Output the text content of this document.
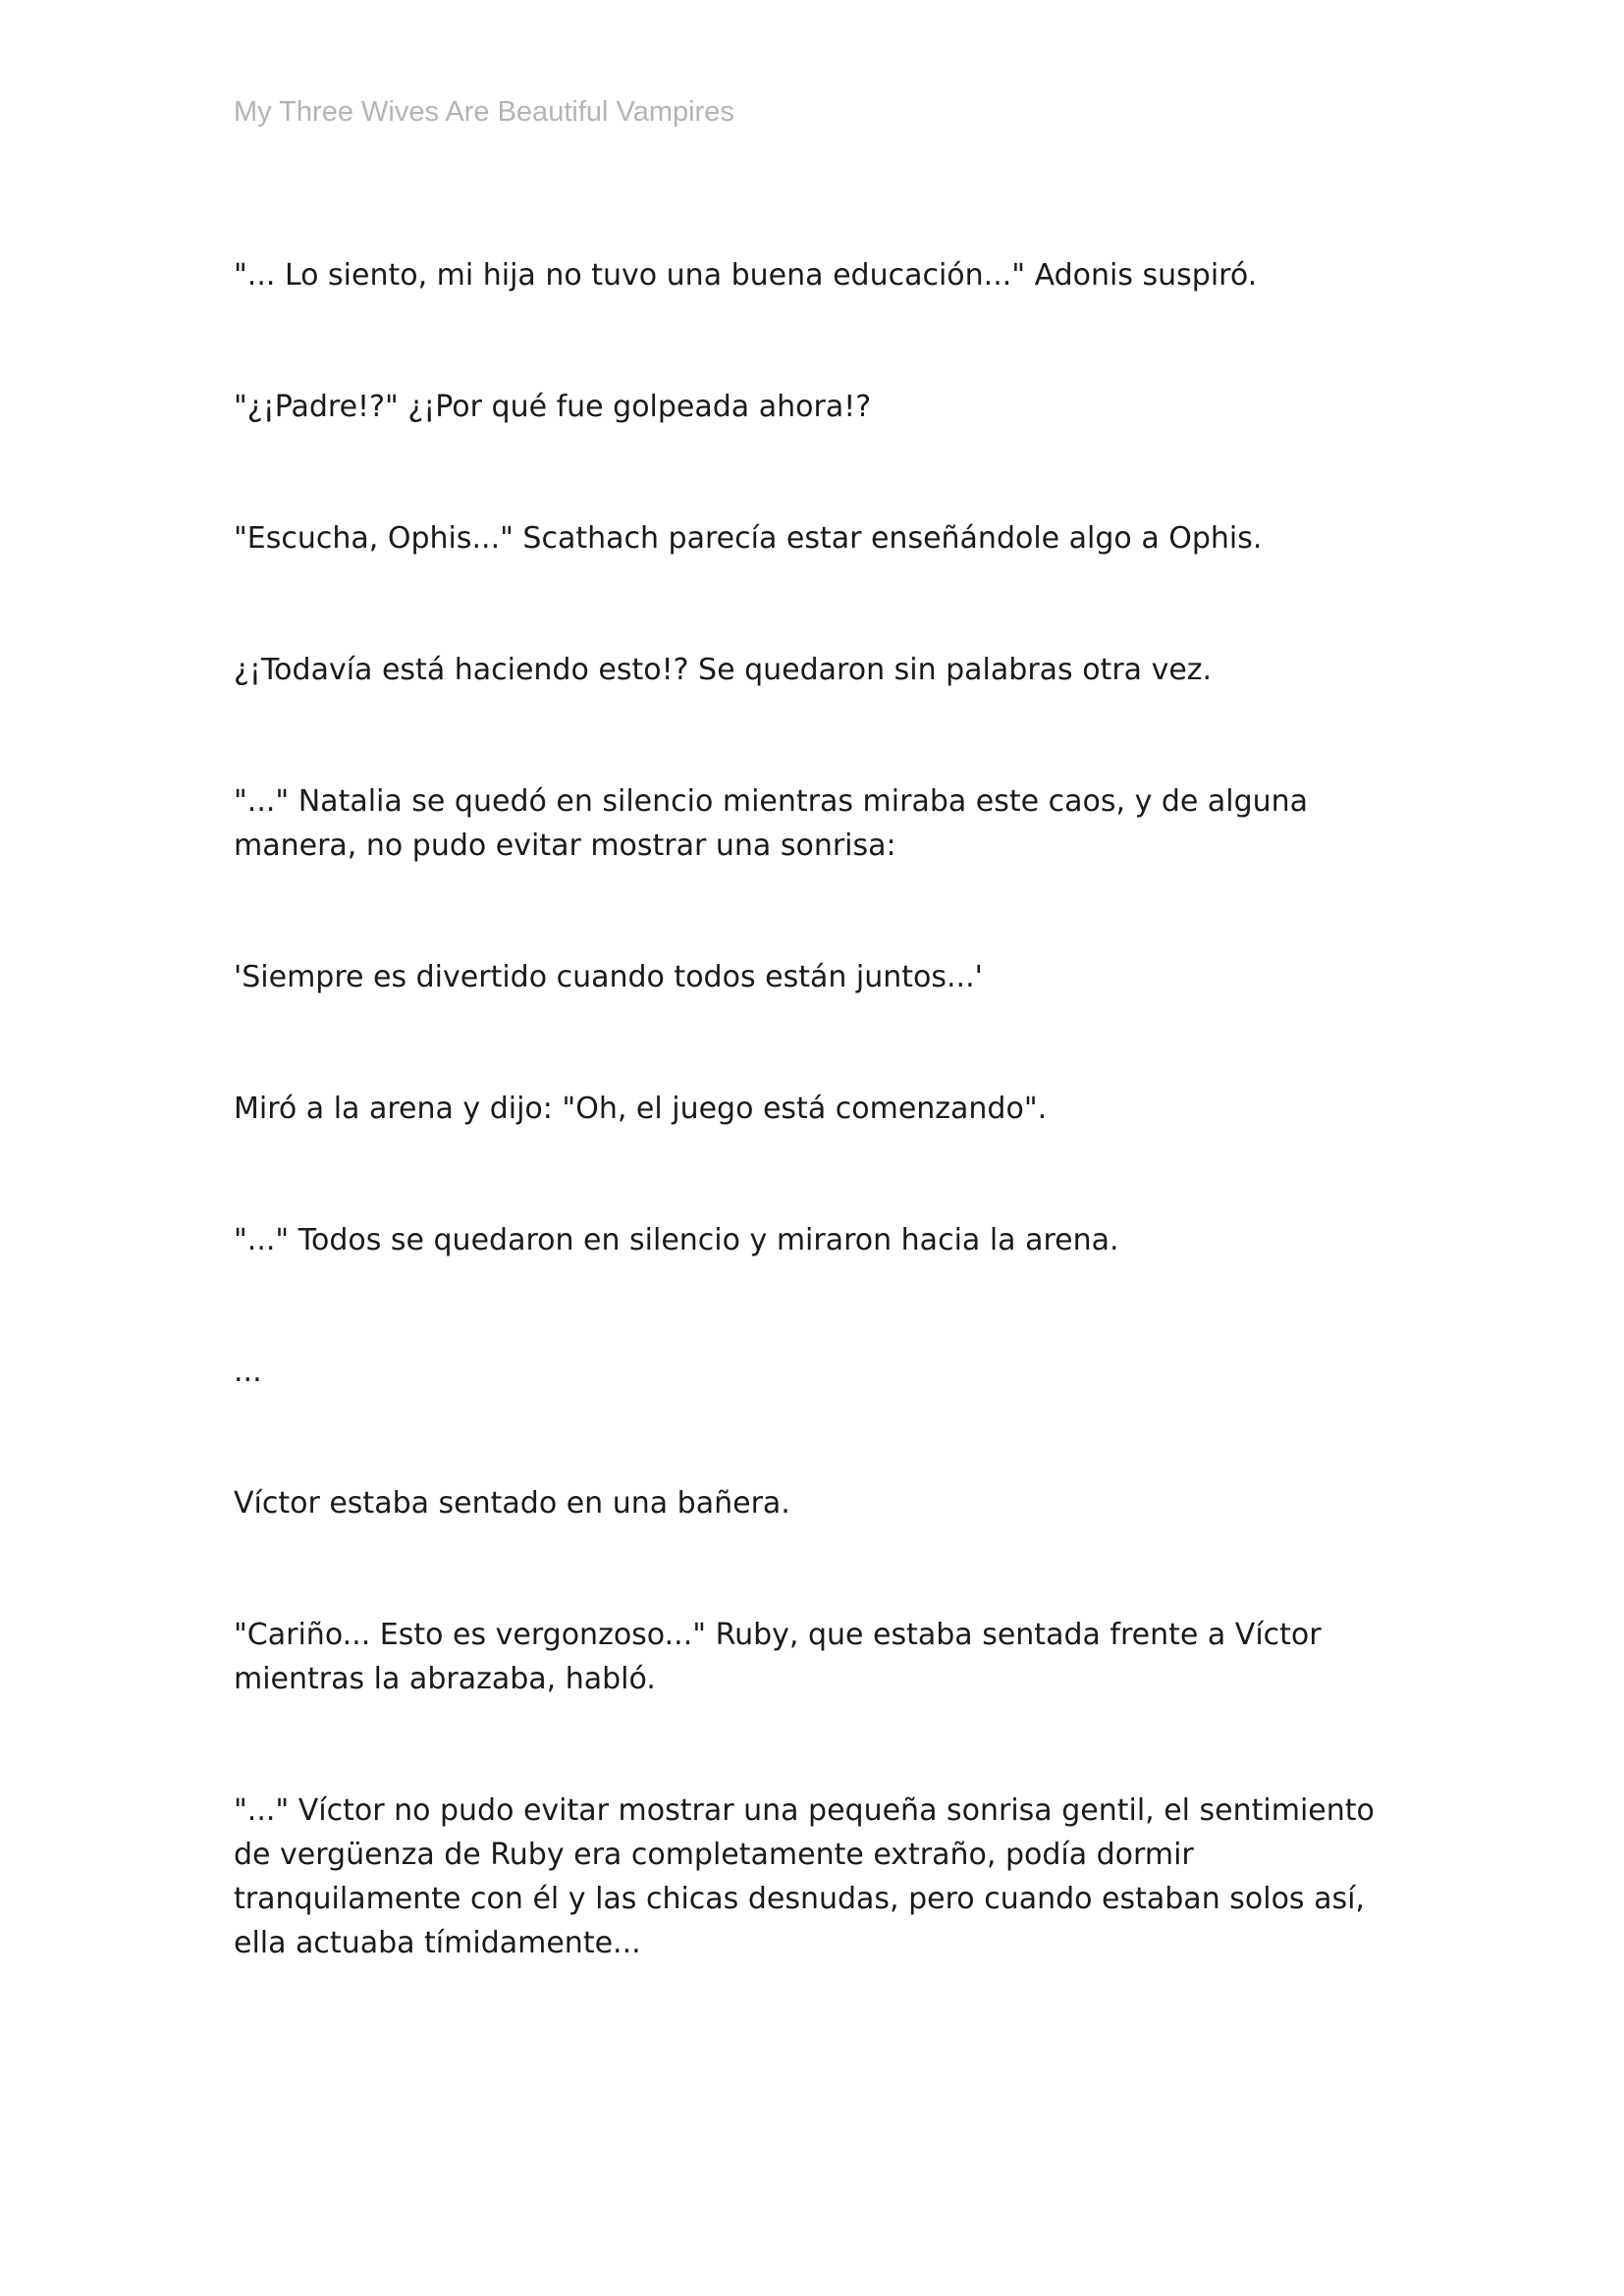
My Three Wives Are Beautiful Vampires

"... Lo siento, mi hija no tuvo una buena educación..." Adonis suspiró.

"¿¡Padre!?" ¿¡Por qué fue golpeada ahora!?

"Escucha, Ophis..." Scathach parecía estar enseñándole algo a Ophis.

¿¡Todavía está haciendo esto!? Se quedaron sin palabras otra vez.

"..." Natalia se quedó en silencio mientras miraba este caos, y de alguna manera, no pudo evitar mostrar una sonrisa:

'Siempre es divertido cuando todos están juntos...'

Miró a la arena y dijo: "Oh, el juego está comenzando".

"..." Todos se quedaron en silencio y miraron hacia la arena.

...

Víctor estaba sentado en una bañera.

"Cariño... Esto es vergonzoso..." Ruby, que estaba sentada frente a Víctor mientras la abrazaba, habló.

"..." Víctor no pudo evitar mostrar una pequeña sonrisa gentil, el sentimiento de vergüenza de Ruby era completamente extraño, podía dormir tranquilamente con él y las chicas desnudas, pero cuando estaban solos así, ella actuaba tímidamente...
